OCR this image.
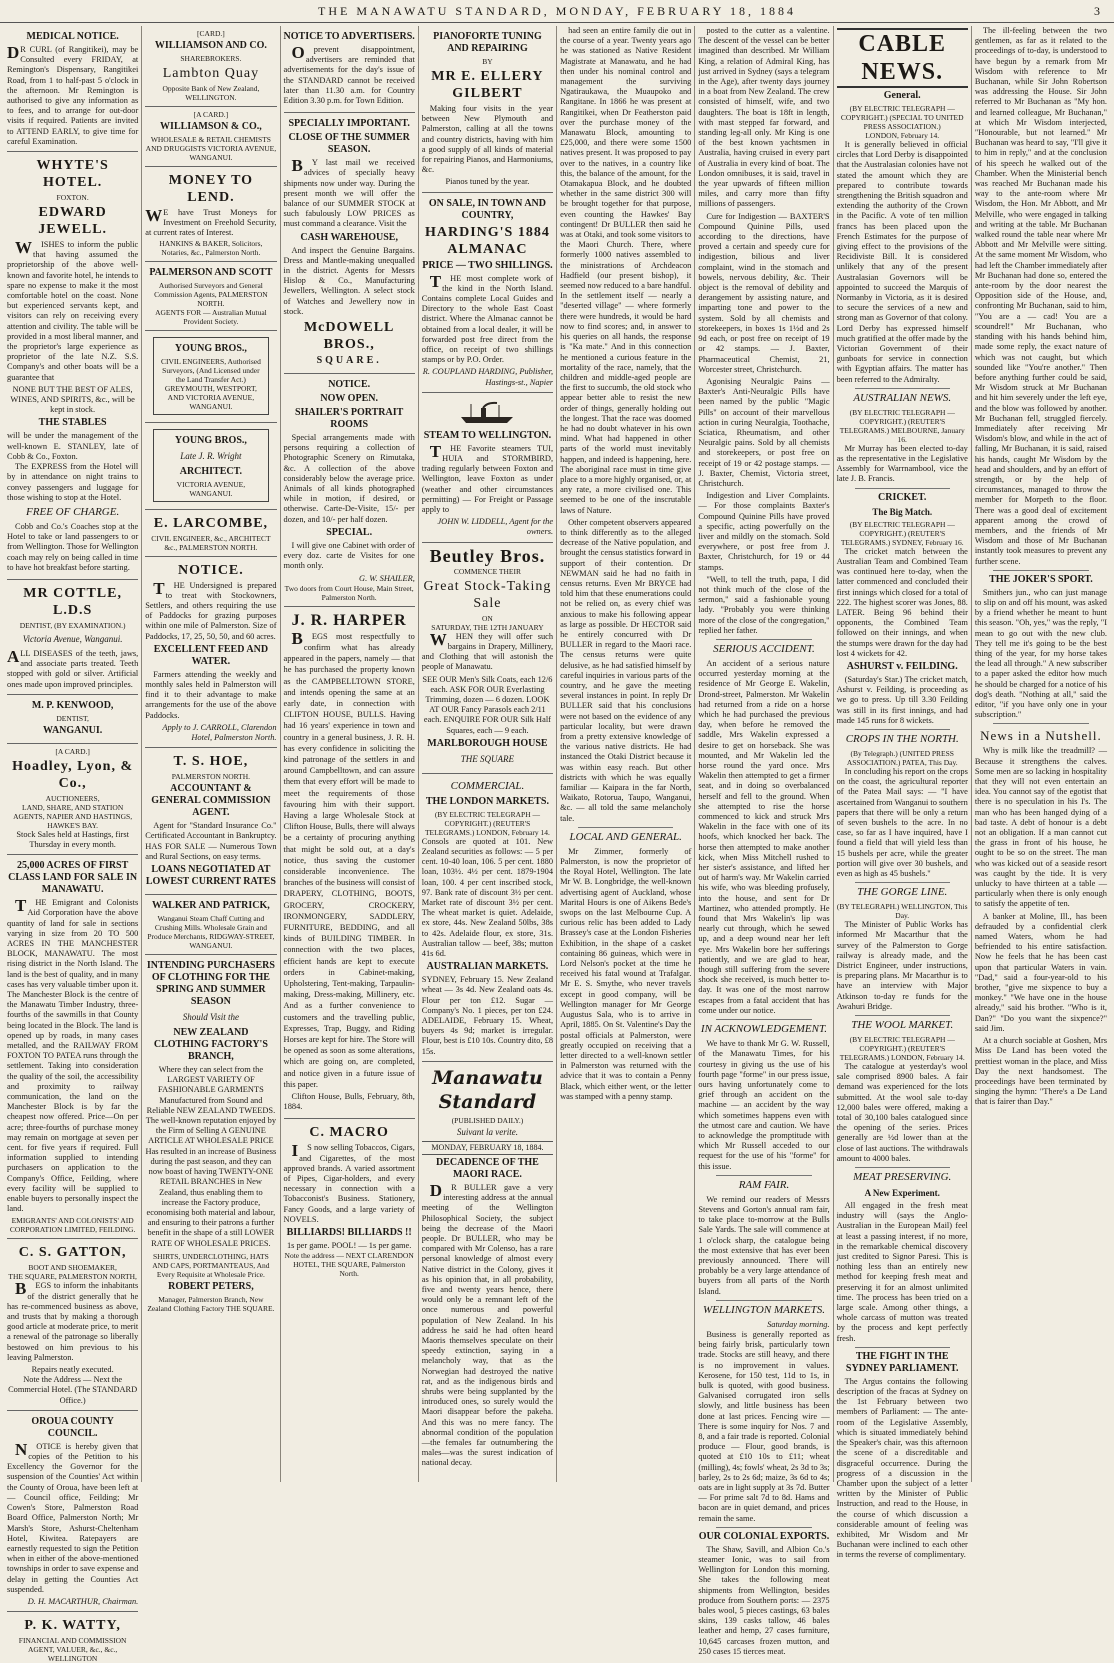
THE MANAWATU STANDARD, MONDAY, FEBRUARY 18, 1884	3
MEDICAL NOTICE.
DR CURL (of Rangitikei), may be Consulted every FRIDAY, at Remington's Dispensary, Rangitikei Road, from 1 to half-past 5 o'clock in the afternoon. Mr Remington is authorised to give any information as to fees, and to arrange for out-door visits if required. Patients are invited to ATTEND EARLY, to give time for careful Examination.
WHYTE'S HOTEL.
FOXTON.
EDWARD JEWELL.
WISHES to inform the public that having assumed the proprietorship of the above well-known and favorite hotel, he intends to spare no expense to make it the most comfortable hotel on the coast. None but experienced servants kept, and visitors can rely on receiving every attention and civility. The table will be provided in a most liberal manner, and the proprietor's large experience as proprietor of the late N.Z. S.S. Company's and other boats will be a guarantee that
NONE BUT THE BEST OF ALES, WINES, AND SPIRITS, &c., will be kept in stock.
THE STABLES
will be under the management of the well-known E. STANLEY, late of Cobb & Co., Foxton.
The EXPRESS from the Hotel will by in attendance on night trains to convey passengers and luggage for those wishing to stop at the Hotel.
FREE OF CHARGE.
Cobb and Co.'s Coaches stop at the Hotel to take or land passengers to or from Wellington. Those for Wellington coach may rely on being called in time to have hot breakfast before starting.
MR COTTLE, L.D.S
DENTIST, (BY EXAMINATION.)
Victoria Avenue, Wanganui.
ALL DISEASES of the teeth, jaws, and associate parts treated. Teeth stopped with gold or silver. Artificial ones made upon improved principles.
M. P. KENWOOD,
DENTIST,
WANGANUI.
[A CARD.]
Hoadley, Lyon, & Co.,
AUCTIONEERS,
LAND, SHARE, AND STATION AGENTS, NAPIER AND HASTINGS, HAWKE'S BAY.
Stock Sales held at Hastings, first Thursday in every month.
25,000 ACRES OF FIRST CLASS LAND FOR SALE IN MANAWATU.
THE Emigrant and Colonists Aid Corporation have the above quantity of land for sale in sections varying in size from 20 TO 500 ACRES IN THE MANCHESTER BLOCK, MANAWATU. The most rising district in the North Island. The land is the best of quality, and in many cases has very valuable timber upon it. The Manchester Block is the centre of the Manawatu Timber Industry, three-fourths of the sawmills in that County being located in the Block. The land is opened up by roads, in many cases metalled, and the RAILWAY FROM FOXTON TO PATEA runs through the settlement. Taking into consideration the quality of the soil, the accessibility and proximity to railway communication, the land on the Manchester Block is by far the cheapest now offered. Price—On per acre; three-fourths of purchase money may remain on mortgage at seven per cent. for five years if required. Full information supplied to intending purchasers on application to the Company's Office, Feilding, where every facility will be supplied to enable buyers to personally inspect the land.
EMIGRANTS' AND COLONISTS' AID CORPORATION LIMITED, FEILDING.
C. S. GATTON,
BOOT AND SHOEMAKER,
THE SQUARE, PALMERSTON NORTH,
BEGS to inform the inhabitants of the district generally that he has re-commenced business as above, and trusts that by making a thorough good article at moderate price, to merit a renewal of the patronage so liberally bestowed on him previous to his leaving Palmerston.
Repairs neatly executed.
Note the Address — Next the Commercial Hotel. (The STANDARD Office.)
OROUA COUNTY COUNCIL.
NOTICE is hereby given that copies of the Petition to his Excellency the Governor for the suspension of the Counties' Act within the County of Oroua, have been left at — Council office, Feilding; Mr Cowen's Store, Palmerston Road Board Office, Palmerston North; Mr Marsh's Store, Ashurst-Cheltenham Hotel, Kiwitea. Ratepayers are earnestly requested to sign the Petition when in either of the above-mentioned townships in order to save expense and delay in getting the Counties Act suspended.
D. H. MACARTHUR, Chairman.
P. K. WATTY,
FINANCIAL AND COMMISSION AGENT, VALUER, &c., &c., WELLINGTON
[CARD.]
WILLIAMSON AND CO.
SHAREBROKERS.
Lambton Quay
Opposite Bank of New Zealand, WELLINGTON.
[A CARD.]
WILLIAMSON & CO.,
WHOLESALE & RETAIL CHEMISTS AND DRUGGISTS VICTORIA AVENUE,
WANGANUI.
MONEY TO LEND.
WE have Trust Moneys for Investment on Freehold Security, at current rates of Interest.
HANKINS & BAKER, Solicitors, Notaries, &c., Palmerston North.
PALMERSON AND SCOTT
Authorised Surveyors and General Commission Agents, PALMERSTON NORTH.
AGENTS FOR — Australian Mutual Provident Society.
YOUNG BROS.,
CIVIL ENGINEERS, Authorised Surveyors, (And Licensed under the Land Transfer Act.) GREYMOUTH, WESTPORT, AND VICTORIA AVENUE, WANGANUI.
YOUNG BROS.,
Late J. R. Wright
ARCHITECT.
VICTORIA AVENUE, WANGANUI.
E. LARCOMBE,
CIVIL ENGINEER, &c., ARCHITECT &c., PALMERSTON NORTH.
NOTICE.
THE Undersigned is prepared to treat with Stockowners, Settlers, and others requiring the use of Paddocks for grazing purposes within one mile of Palmerston. Size of Paddocks, 17, 25, 50, 50, and 60 acres.
EXCELLENT FEED AND WATER.
Farmers attending the weekly and monthly sales held in Palmerston will find it to their advantage to make arrangements for the use of the above Paddocks.
Apply to J. CARROLL, Clarendon Hotel, Palmerston North.
T. S. HOE,
PALMERSTON NORTH.
ACCOUNTANT & GENERAL COMMISSION AGENT.
Agent for "Standard Insurance Co." Certificated Accountant in Bankruptcy. HAS FOR SALE — Numerous Town and Rural Sections, on easy terms.
LOANS NEGOTIATED AT LOWEST CURRENT RATES
WALKER AND PATRICK,
Wanganui Steam Chaff Cutting and Crushing Mills. Wholesale Grain and Produce Merchants, RIDGWAY-STREET, WANGANUI.
INTENDING PURCHASERS OF CLOTHING FOR THE SPRING AND SUMMER SEASON
Should Visit the
NEW ZEALAND CLOTHING FACTORY'S BRANCH,
Where they can select from the LARGEST VARIETY OF FASHIONABLE GARMENTS Manufactured from Sound and Reliable NEW ZEALAND TWEEDS. The well-known reputation enjoyed by the Firm of Selling A GENUINE ARTICLE AT WHOLESALE PRICE Has resulted in an increase of Business during the past season, and they can now boast of having TWENTY-ONE RETAIL BRANCHES in New Zealand, thus enabling them to increase the Factory produce, economising both material and labour, and ensuring to their patrons a further benefit in the shape of a still LOWER RATE OF WHOLESALE PRICES.
SHIRTS, UNDERCLOTHING, HATS AND CAPS, PORTMANTEAUS, And Every Requisite at Wholesale Price.
ROBERT PETERS,
Manager, Palmerston Branch, New Zealand Clothing Factory THE SQUARE.
NOTICE TO ADVERTISERS.
Oprevent disappointment, advertisers are reminded that advertisements for the day's issue of the STANDARD cannot be received later than 11.30 a.m. for Country Edition 3.30 p.m. for Town Edition.
SPECIALLY IMPORTANT.
CLOSE OF THE SUMMER SEASON.
BY last mail we received advices of specially heavy shipments now under way. During the present month we will offer the balance of our SUMMER STOCK at such fabulously LOW PRICES as must command a clearance. Visit the
CASH WAREHOUSE,
And inspect the Genuine Bargains. Dress and Mantle-making unequalled in the district. Agents for Messrs Hislop & Co., Manufacturing Jewellers, Wellington. A select stock of Watches and Jewellery now in stock.
McDOWELL BROS.,
SQUARE.
NOTICE.
NOW OPEN.
SHAILER'S PORTRAIT ROOMS
Special arrangements made with persons requiring a collection of Photographic Scenery on Rimutaka, &c. A collection of the above considerably below the average price. Animals of all kinds photographed while in motion, if desired, or otherwise. Carte-De-Visite, 15/- per dozen, and 10/- per half dozen.
SPECIAL.
I will give one Cabinet with order of every doz. carte de Visites for one month only.
G. W. SHAILER,
Two doors from Court House, Main Street, Palmerston North.
J. R. HARPER
BEGS most respectfully to confirm what has already appeared in the papers, namely — that he has purchased the property known as the CAMPBELLTOWN STORE, and intends opening the same at an early date, in connection with CLIFTON HOUSE, BULLS. Having had 16 years' experience in town and country in a general business, J. R. H. has every confidence in soliciting the kind patronage of the settlers in and around Campbelltown, and can assure them that every effort will be made to meet the requirements of those favouring him with their support. Having a large Wholesale Stock at Clifton House, Bulls, there will always be a certainty of procuring anything that might be sold out, at a day's notice, thus saving the customer considerable inconvenience. The branches of the business will consist of DRAPERY, CLOTHING, BOOTS, GROCERY, CROCKERY, IRONMONGERY, SADDLERY, FURNITURE, BEDDING, and all kinds of BUILDING TIMBER. In connection with the two places, efficient hands are kept to execute orders in Cabinet-making, Upholstering, Tent-making, Tarpaulin-making, Dress-making, Millinery, etc. And as a further convenience to customers and the travelling public, Expresses, Trap, Buggy, and Riding Horses are kept for hire. The Store will be opened as soon as some alterations, which are going on, are completed, and notice given in a future issue of this paper.
Clifton House, Bulls, February, 8th, 1884.
C. MACRO
IS now selling Tobaccos, Cigars, and Cigarettes, of the most approved brands. A varied assortment of Pipes, Cigar-holders, and every necessary in connection with a Tobacconist's Business. Stationery, Fancy Goods, and a large variety of NOVELS.
BILLIARDS! BILLIARDS !!
1s per game. POOL! — 1s per game.
Note the address — NEXT CLARENDON HOTEL, THE SQUARE, Palmerston North.
PIANOFORTE TUNING AND REPAIRING
BY
MR E. ELLERY GILBERT
Making four visits in the year between New Plymouth and Palmerston, calling at all the towns and country districts, having with him a good supply of all kinds of material for repairing Pianos, and Harmoniums, &c.
Pianos tuned by the year.
ON SALE, IN TOWN AND COUNTRY,
HARDING'S 1884 ALMANAC
PRICE — TWO SHILLINGS.
THE most complete work of the kind in the North Island. Contains complete Local Guides and Directory to the whole East Coast district. Where the Almanac cannot be obtained from a local dealer, it will be forwarded post free direct from the office, on receipt of two shillings stamps or by P.O. Order.
R. COUPLAND HARDING, Publisher, Hastings-st., Napier
STEAM TO WELLINGTON.
THE Favorite steamers TUI, HUIA and STORMBIRD, trading regularly between Foxton and Wellington, leave Foxton as under (weather and other circumstances permitting) — For Freight or Passage apply to
JOHN W. LIDDELL, Agent for the owners.
Beutley Bros.
COMMENCE THEIR
Great Stock-Taking Sale
ON
SATURDAY, THE 12TH JANUARY
WHEN they will offer such bargains in Drapery, Millinery, and Clothing that will astonish the people of Manawatu.
SEE OUR Men's Silk Coats, each 12/6 each. ASK FOR OUR Everlasting Trimming, dozen — 6 dozen. LOOK AT OUR Fancy Parasols each 2/11 each. ENQUIRE FOR OUR Silk Half Squares, each — 9 each.
MARLBOROUGH HOUSE
THE SQUARE
COMMERCIAL.
THE LONDON MARKETS.
(BY ELECTRIC TELEGRAPH — COPYRIGHT.) (REUTER'S TELEGRAMS.) LONDON, February 14.
Consols are quoted at 101. New Zealand securities as follows: — 5 per cent. 10-40 loan, 106. 5 per cent. 1880 loan, 103½. 4½ per cent. 1879-1904 loan, 100. 4 per cent inscribed stock, 97. Bank rate of discount 3½ per cent. Market rate of discount 3½ per cent. The wheat market is quiet. Adelaide, ex store, 44s. New Zealand 50lbs, 38s to 42s. Adelaide flour, ex store, 31s. Australian tallow — beef, 38s; mutton 41s 6d.
AUSTRALIAN MARKETS.
SYDNEY, February 15. New Zealand wheat — 3s 4d. New Zealand oats 4s. Flour per ton £12. Sugar — Company's No. 1 pieces, per ton £24. ADELAIDE, February 15. Wheat, buyers 4s 9d; market is irregular. Flour, best is £10 10s. Country dito, £8 15s.
Manawatu Standard
(PUBLISHED DAILY.)
Suivant la verite.
MONDAY, FEBRUARY 18, 1884.
DECADENCE OF THE MAORI RACE.
DR BULLER gave a very interesting address at the annual meeting of the Wellington Philosophical Society, the subject being the decrease of the Maori people. Dr BULLER, who may be compared with Mr Colenso, has a rare personal knowledge of almost every Native district in the Colony, gives it as his opinion that, in all probability, five and twenty years hence, there would only be a remnant left of the once numerous and powerful population of New Zealand. In his address he said he had often heard Maoris themselves speculate on their speedy extinction, saying in a melancholy way, that as the Norwegian had destroyed the native rat, and as the indigenous birds and shrubs were being supplanted by the introduced ones, so surely would the Maori disappear before the pakeha. And this was no mere fancy. The abnormal condition of the population—the females far outnumbering the males—was the surest indication of national decay.
had seen an entire family die out in the course of a year. Twenty years ago he was stationed as Native Resident Magistrate at Manawatu, and he had then under his nominal control and management the surviving Ngatiraukawa, the Muaupoko and Rangitane. In 1866 he was present at Rangitikei, when Dr Featherston paid over the purchase money of the Manawatu Block, amounting to £25,000, and there were some 1500 natives present. It was proposed to pay over to the natives, in a country like this, the balance of the amount, for the Otamakapua Block, and he doubted whether in the same district 300 will be brought together for that purpose, even counting the Hawkes' Bay contingent! Dr BULLER then said he was at Otaki, and took some visitors to the Maori Church. There, where formerly 1000 natives assembled to the ministrations of Archdeacon Hadfield (our present bishop), it seemed now reduced to a bare handful. In the settlement itself — nearly a "deserted village" — where formerly there were hundreds, it would be hard now to find scores; and, in answer to his queries on all hands, the response is "Ka mate." And in this connection he mentioned a curious feature in the mortality of the race, namely, that the children and middle-aged people are the first to succumb, the old stock who appear better able to resist the new order of things, generally holding out the longest. That the race was doomed he had no doubt whatever in his own mind. What had happened in other parts of the world must inevitably happen, and indeed is happening, here. The aboriginal race must in time give place to a more highly organised, or, at any rate, a more civilised one. This seemed to be one of the inscrutable laws of Nature.
Other competent observers appeared to think differently as to the alleged decrease of the Native population, and brought the census statistics forward in support of their contention. Dr NEWMAN said he had no faith in census returns. Even Mr BRYCE had told him that these enumerations could not be relied on, as every chief was anxious to make his following appear as large as possible. Dr HECTOR said he entirely concurred with Dr BULLER in regard to the Maori race. The census returns were quite delusive, as he had satisfied himself by careful inquiries in various parts of the country, and he gave the meeting several instances in point. In reply Dr BULLER said that his conclusions were not based on the evidence of any particular locality, but were drawn from a pretty extensive knowledge of the various native districts. He had instanced the Otaki District because it was within easy reach. But other districts with which he was equally familiar — Kaipara in the far North, Waikato, Rotorua, Taupo, Wanganui, &c. — all told the same melancholy tale.
LOCAL AND GENERAL.
Mr Zimmer, formerly of Palmerston, is now the proprietor of the Royal Hotel, Wellington. The late Mr W. B. Longbridge, the well-known advertising agent of Auckland, whose Marital Hours is one of Aikens Bede's swops on the last Melbourne Cup. A curious relic has been added to Lady Brassey's case at the London Fisheries Exhibition, in the shape of a casket containing 86 guineas, which were in Lord Nelson's pocket at the time he received his fatal wound at Trafalgar. Mr E. S. Smythe, who never travels except in good company, will be Wellington manager for Mr George Augustus Sala, who is to arrive in April, 1885. On St. Valentine's Day the postal officials at Palmerston, were greatly occupied on receiving that a letter directed to a well-known settler in Palmerston was returned with the advice that it was to contain a Penny Black, which either went, or the letter was stamped with a penny stamp.
posted to the cutter as a valentine. The descent of the vessel can be better imagined than described. Mr William King, a relation of Admiral King, has just arrived in Sydney (says a telegram in the Age), after twenty days journey in a boat from New Zealand. The crew consisted of himself, wife, and two daughters. The boat is 18ft in length, with mast stepped far forward, and standing leg-all only. Mr King is one of the best known yachtsmen in Australia, having cruised in every part of Australia in every kind of boat. The London omnibuses, it is said, travel in the year upwards of fifteen million miles, and carry more than fifty millions of passengers.
Cure for Indigestion — BAXTER'S Compound Quinine Pills, used according to the directions, have proved a certain and speedy cure for indigestion, bilious and liver complaint, wind in the stomach and bowels, nervous debility, &c. Their object is the removal of debility and derangement by assisting nature, and imparting tone and power to the system. Sold by all chemists and storekeepers, in boxes 1s 1½d and 2s 9d each, or post free on receipt of 19 or 42 stamps. — J. Baxter, Pharmaceutical Chemist, 21, Worcester street, Christchurch.
Agonising Neuralgic Pains — Baxter's Anti-Neuralgic Pills have been named by the public "Magic Pills" on account of their marvellous action in curing Neuralgia, Toothache, Sciatica, Rheumatism, and other Neuralgic pains. Sold by all chemists and storekeepers, or post free on receipt of 19 or 42 postage stamps. — J. Baxter, Chemist, Victoria street, Christchurch.
Indigestion and Liver Complaints. — For those complaints Baxter's Compound Quinine Pills have proved a specific, acting powerfully on the liver and mildly on the stomach. Sold everywhere, or post free from J. Baxter, Christchurch, for 19 or 44 stamps.
"Well, to tell the truth, papa, I did not think much of the close of the sermon," said a fashionable young lady. "Probably you were thinking more of the close of the congregation," replied her father.
SERIOUS ACCIDENT.
An accident of a serious nature occurred yesterday morning at the residence of Mr George E. Wakelin, Drond-street, Palmerston. Mr Wakelin had returned from a ride on a horse which he had purchased the previous day, when before he removed the saddle, Mrs Wakelin expressed a desire to get on horseback. She was mounted, and Mr Wakelin led the horse round the yard once. Mrs Wakelin then attempted to get a firmer seat, and in doing so overbalanced herself and fell to the ground. When she attempted to rise the horse commenced to kick and struck Mrs Wakelin in the face with one of its hoofs, which knocked her back. The horse then attempted to make another kick, when Miss Mitchell rushed to her sister's assistance, and lifted her out of harm's way. Mr Wakelin carried his wife, who was bleeding profusely, into the house, and sent for Dr Martinez, who attended promptly. He found that Mrs Wakelin's lip was nearly cut through, which he sewed up, and a deep wound near her left eye. Mrs Wakelin bore her sufferings patiently, and we are glad to hear, though still suffering from the severe shock she received, is much better to-day. It was one of the most narrow escapes from a fatal accident that has come under our notice.
IN ACKNOWLEDGEMENT.
We have to thank Mr G. W. Russell, of the Manawatu Times, for his courtesy in giving us the use of his fourth page "forme" in our press issue, ours having unfortunately come to grief through an accident on the machine — an accident by the way which sometimes happens even with the utmost care and caution. We have to acknowledge the promptitude with which Mr Russell acceded to our request for the use of his "forme" for this issue.
RAM FAIR.
We remind our readers of Messrs Stevens and Gorton's annual ram fair, to take place to-morrow at the Bulls Sale Yards. The sale will commence at 1 o'clock sharp, the catalogue being the most extensive that has ever been previously announced. There will probably be a very large attendance of buyers from all parts of the North Island.
WELLINGTON MARKETS.
Saturday morning.
Business is generally reported as being fairly brisk, particularly town trade. Stocks are still heavy, and there is no improvement in values. Kerosene, for 150 test, 11d to 1s, in bulk is quoted, with good business. Galvanised corrugated iron sells slowly, and little business has been done at last prices. Fencing wire — There is some inquiry for Nos. 7 and 8, and a fair trade is reported. Colonial produce — Flour, good brands, is quoted at £10 10s to £11; wheat (milling), 4s; fowls' wheat, 2s 3d to 3s; barley, 2s to 2s 6d; maize, 3s 6d to 4s; oats are in light supply at 3s 7d. Butter — For prime salt 7d to 8d. Hams and bacon are in quiet demand, and prices remain the same.
OUR COLONIAL EXPORTS.
The Shaw, Savill, and Albion Co.'s steamer Ionic, was to sail from Wellington for London this morning. She takes the following meat shipments from Wellington, besides produce from Southern ports: — 2375 bales wool, 5 pieces castings, 63 bales skins, 139 casks tallow, 46 bales leather and hemp, 27 cases furniture, 10,645 carcases frozen mutton, and 250 cases 15 tierces meat.
CABLE NEWS.
General.
(BY ELECTRIC TELEGRAPH — COPYRIGHT.) (SPECIAL TO UNITED PRESS ASSOCIATION.)
LONDON, February 14.
It is generally believed in official circles that Lord Derby is disappointed that the Australasian colonies have not stated the amount which they are prepared to contribute towards strengthening the British squadron and extending the authority of the Crown in the Pacific. A vote of ten million francs has been placed upon the French Estimates for the purpose of giving effect to the provisions of the Recidiviste Bill. It is considered unlikely that any of the present Australasian Governors will be appointed to succeed the Marquis of Normanby in Victoria, as it is desired to secure the services of a new and strong man as Governor of that colony. Lord Derby has expressed himself much gratified at the offer made by the Victorian Government of their gunboats for service in connection with Egyptian affairs. The matter has been referred to the Admiralty.
AUSTRALIAN NEWS.
(BY ELECTRIC TELEGRAPH — COPYRIGHT.) (REUTER'S TELEGRAMS.) MELBOURNE, January 16.
Mr Murray has been elected to-day as the representative in the Legislative Assembly for Warrnambool, vice the late J. B. Francis.
CRICKET.
The Big Match.
(BY ELECTRIC TELEGRAPH — COPYRIGHT.) (REUTER'S TELEGRAMS.) SYDNEY, February 16.
The cricket match between the Australian Team and Combined Team was continued here to-day, when the latter commenced and concluded their first innings which closed for a total of 222. The highest scorer was Jones, 88. LATER. Being 96 behind their opponents, the Combined Team followed on their innings, and when the stumps were drawn for the day had lost 4 wickets for 42.
ASHURST v. FEILDING.
(Saturday's Star.) The cricket match, Ashurst v. Feilding, is proceeding as we go to press. Up till 3.30 Feilding was still in its first innings, and had made 145 runs for 8 wickets.
CROPS IN THE NORTH.
(By Telegraph.) (UNITED PRESS ASSOCIATION.) PATEA, This Day.
In concluding his report on the crops on the coast, the agricultural reporter of the Patea Mail says: — "I have ascertained from Wanganui to southern papers that there will be only a return of seven bushels to the acre. In no case, so far as I have inquired, have I found a field that will yield less than 15 bushels per acre, while the greater portion will give over 30 bushels, and even as high as 45 bushels."
THE GORGE LINE.
(BY TELEGRAPH.) WELLINGTON, This Day.
The Minister of Public Works has informed Mr Macarthur that the survey of the Palmerston to Gorge railway is already made, and the District Engineer, under instructions, is preparing plans. Mr Macarthur is to have an interview with Major Atkinson to-day re funds for the Awahuri Bridge.
THE WOOL MARKET.
(BY ELECTRIC TELEGRAPH — COPYRIGHT.) (REUTER'S TELEGRAMS.) LONDON, February 14.
The catalogue at yesterday's wool sale comprised 8900 bales. A fair demand was experienced for the lots submitted. At the wool sale to-day 12,000 bales were offered, making a total of 30,100 bales catalogued since the opening of the series. Prices generally are ½d lower than at the close of last auctions. The withdrawals amount to 4000 bales.
MEAT PRESERVING.
A New Experiment.
All engaged in the fresh meat industry will (says the Anglo-Australian in the European Mail) feel at least a passing interest, if no more, in the remarkable chemical discovery just credited to Signor Paresi. This is nothing less than an entirely new method for keeping fresh meat and preserving it for an almost unlimited time. The process has been tried on a large scale. Among other things, a whole carcass of mutton was treated by the process and kept perfectly fresh.
THE FIGHT IN THE SYDNEY PARLIAMENT.
The Argus contains the following description of the fracas at Sydney on the 1st February between two members of Parliament: — The ante-room of the Legislative Assembly, which is situated immediately behind the Speaker's chair, was this afternoon the scene of a discreditable and disgraceful occurrence. During the progress of a discussion in the Chamber upon the subject of a letter written by the Minister of Public Instruction, and read to the House, in the course of which discussion a considerable amount of feeling was exhibited, Mr Wisdom and Mr Buchanan were inclined to each other in terms the reverse of complimentary.
The ill-feeling between the two gentlemen, as far as it related to the proceedings of to-day, is understood to have begun by a remark from Mr Wisdom with reference to Mr Buchanan, while Sir John Robertson was addressing the House. Sir John referred to Mr Buchanan as "My hon. and learned colleague, Mr Buchanan," at which Mr Wisdom interjected, "Honourable, but not learned." Mr Buchanan was heard to say, "I'll give it to him in reply," and at the conclusion of his speech he walked out of the Chamber. When the Ministerial bench was reached Mr Buchanan made his way to the ante-room where Mr Wisdom, the Hon. Mr Abbott, and Mr Melville, who were engaged in talking and writing at the table. Mr Buchanan walked round the table near where Mr Abbott and Mr Melville were sitting. At the same moment Mr Wisdom, who had left the Chamber immediately after Mr Buchanan had done so, entered the ante-room by the door nearest the Opposition side of the House, and, confronting Mr Buchanan, said to him, "You are a — cad! You are a scoundrel!" Mr Buchanan, who standing with his hands behind him, made some reply, the exact nature of which was not caught, but which sounded like "You're another." Then before anything further could be said, Mr Wisdom struck at Mr Buchanan and hit him severely under the left eye, and the blow was followed by another. Mr Buchanan fell, struggled fiercely. Immediately after receiving Mr Wisdom's blow, and while in the act of falling, Mr Buchanan, it is said, raised his hands, caught Mr Wisdom by the head and shoulders, and by an effort of strength, or by the help of circumstances, managed to throw the member for Morpeth to the floor. There was a good deal of excitement apparent among the crowd of members, and the friends of Mr Wisdom and those of Mr Buchanan instantly took measures to prevent any further scene.
THE JOKER'S SPORT.
Smithers jun., who can just manage to slip on and off his mount, was asked by a friend whether he meant to hunt this season. "Oh, yes," was the reply, "I mean to go out with the new club. They tell me it's going to be the best thing of the year, for my horse takes the lead all through." A new subscriber to a paper asked the editor how much he should be charged for a notice of his dog's death. "Nothing at all," said the editor, "if you have only one in your subscription."
News in a Nutshell.
Why is milk like the treadmill? — Because it strengthens the calves. Some men are so lacking in hospitality that they will not even entertain an idea. You cannot say of the egotist that there is no speculation in his I's. The man who has been hanged dying of a bad taste. A debt of honour is a debt not an obligation. If a man cannot cut the grass in front of his house, he ought to be so on the street. The man who was kicked out of a seaside resort was caught by the tide. It is very unlucky to have thirteen at a table — particularly when there is only enough to satisfy the appetite of ten.
A banker at Moline, Ill., has been defrauded by a confidential clerk named Waters, whom he had befriended to his entire satisfaction. Now he feels that he has been cast upon that particular Waters in vain. "Dad," said a four-year-old to his brother, "give me sixpence to buy a monkey." "We have one in the house already," said his brother. "Who is it, Dan?" "Do you want the sixpence?" said Jim.
At a church sociable at Goshen, Mrs Miss De Land has been voted the prettiest woman in the place, and Miss Day the next handsomest. The proceedings have been terminated by singing the hymn: "There's a De Land that is fairer than Day."
